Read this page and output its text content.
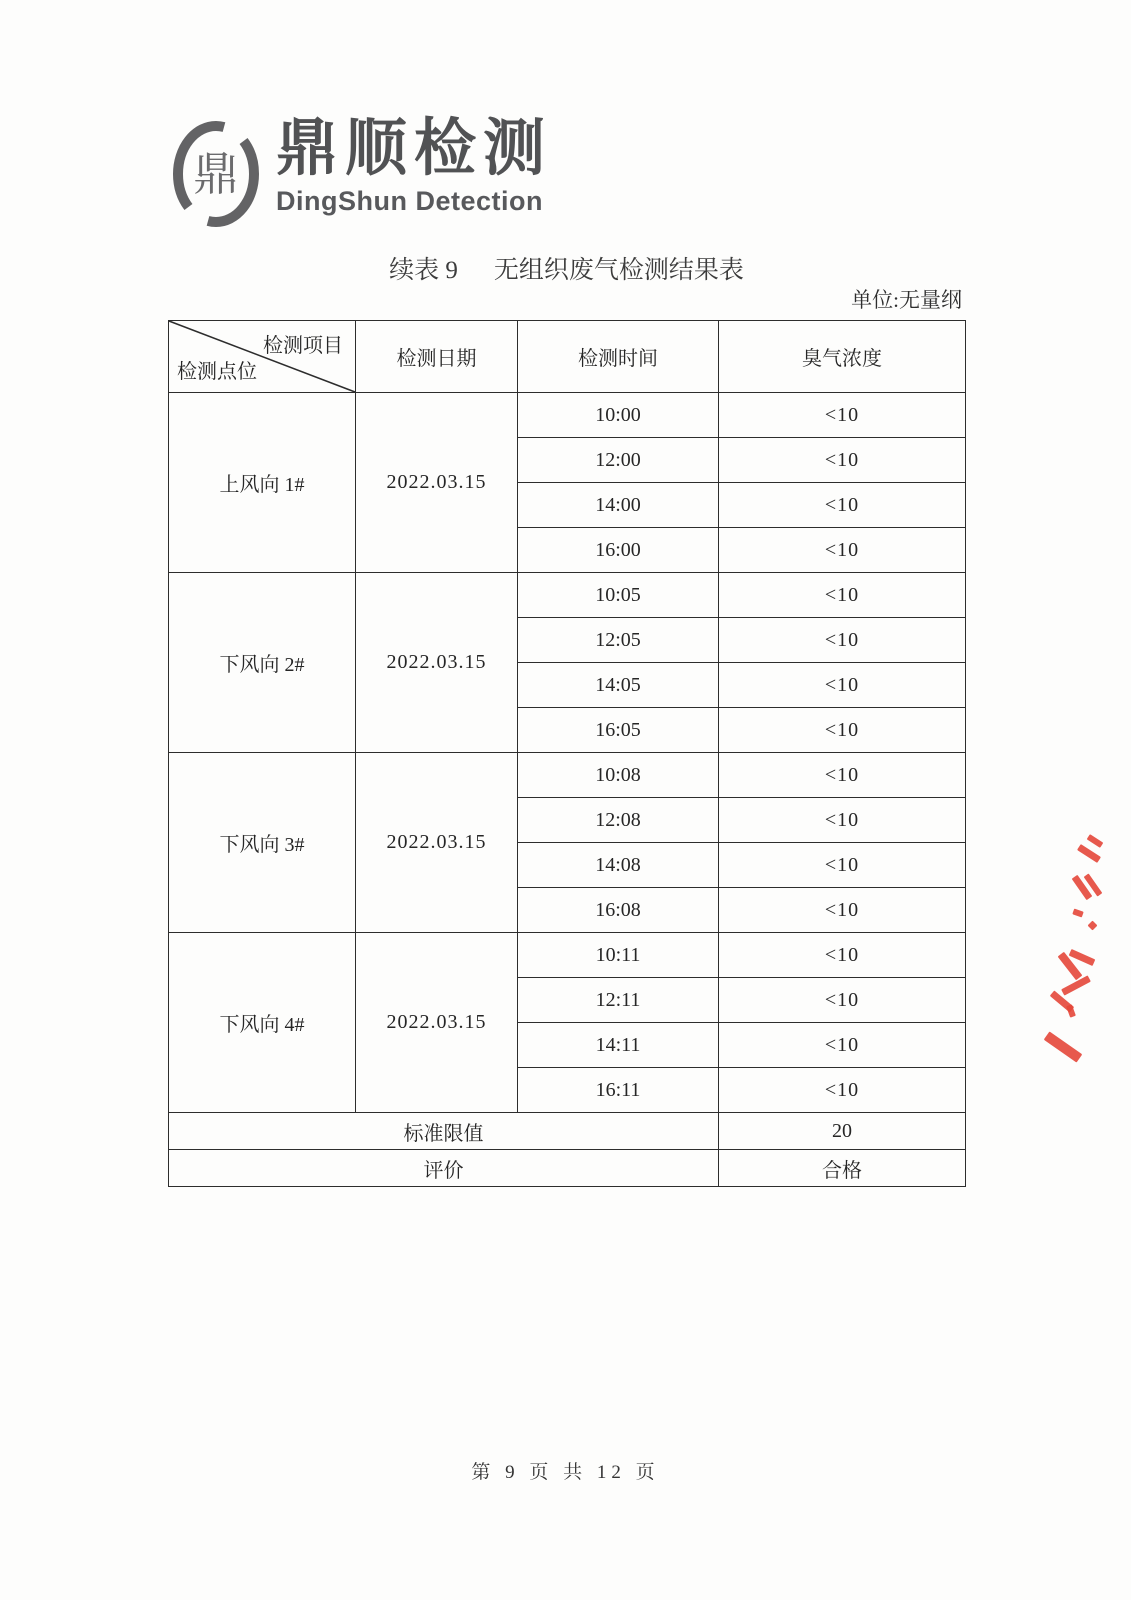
鼎 鼎顺检测
DingShun Detection
续表 9 无组织废气检测结果表
单位:无量纲
检测项目
检测点位	检测日期	检测时间	臭气浓度
上风向 1#	2022.03.15	10:00	<10
		12:00	<10
		14:00	<10
		16:00	<10
下风向 2#	2022.03.15	10:05	<10
		12:05	<10
		14:05	<10
		16:05	<10
下风向 3#	2022.03.15	10:08	<10
		12:08	<10
		14:08	<10
		16:08	<10
下风向 4#	2022.03.15	10:11	<10
		12:11	<10
		14:11	<10
		16:11	<10
标准限值			20
评价			合格
第 9 页 共 12 页
